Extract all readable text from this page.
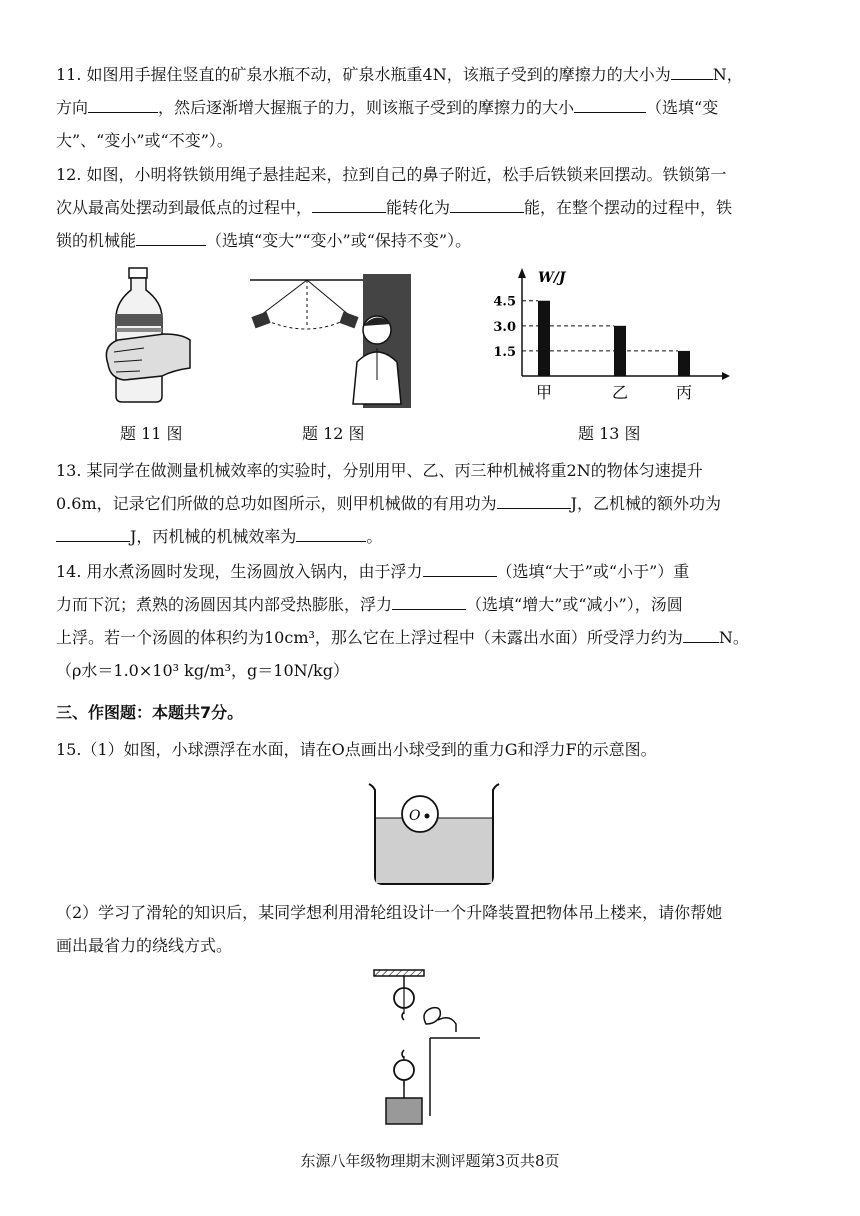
11. 如图用手握住竖直的矿泉水瓶不动，矿泉水瓶重4N，该瓶子受到的摩擦力的大小为	N，
方向	，然后逐渐增大握瓶子的力，则该瓶子受到的摩擦力的大小	（选填“变
大”、“变小”或“不变”）。

12. 如图，小明将铁锁用绳子悬挂起来，拉到自己的鼻子附近，松手后铁锁来回摆动。铁锁第一
次从最高处摆动到最低点的过程中，	能转化为	能，在整个摆动的过程中，铁
锁的机械能	（选填“变大”“变小”或“保持不变”）。

W/J
4.5
甲
3.0
乙
1.5
丙
题 11 图	题 12 图	题 13 图

13. 某同学在做测量机械效率的实验时，分别用甲、乙、丙三种机械将重2N的物体匀速提升
0.6m，记录它们所做的总功如图所示，则甲机械做的有用功为	J，乙机械的额外功为
J，丙机械的机械效率为	。

14. 用水煮汤圆时发现，生汤圆放入锅内，由于浮力	（选填“大于”或“小于”）重
力而下沉；煮熟的汤圆因其内部受热膨胀，浮力	（选填“增大”或“减小”），汤圆
上浮。若一个汤圆的体积约为10cm³，那么它在上浮过程中（未露出水面）所受浮力约为 N。
（ρ水＝1.0×10³ kg/m³，g＝10N/kg）

三、作图题：本题共7分。

15.（1）如图，小球漂浮在水面，请在O点画出小球受到的重力G和浮力F的示意图。

O

（2）学习了滑轮的知识后，某同学想利用滑轮组设计一个升降装置把物体吊上楼来，请你帮她
画出最省力的绕线方式。

东源八年级物理期末测评题第3页共8页
